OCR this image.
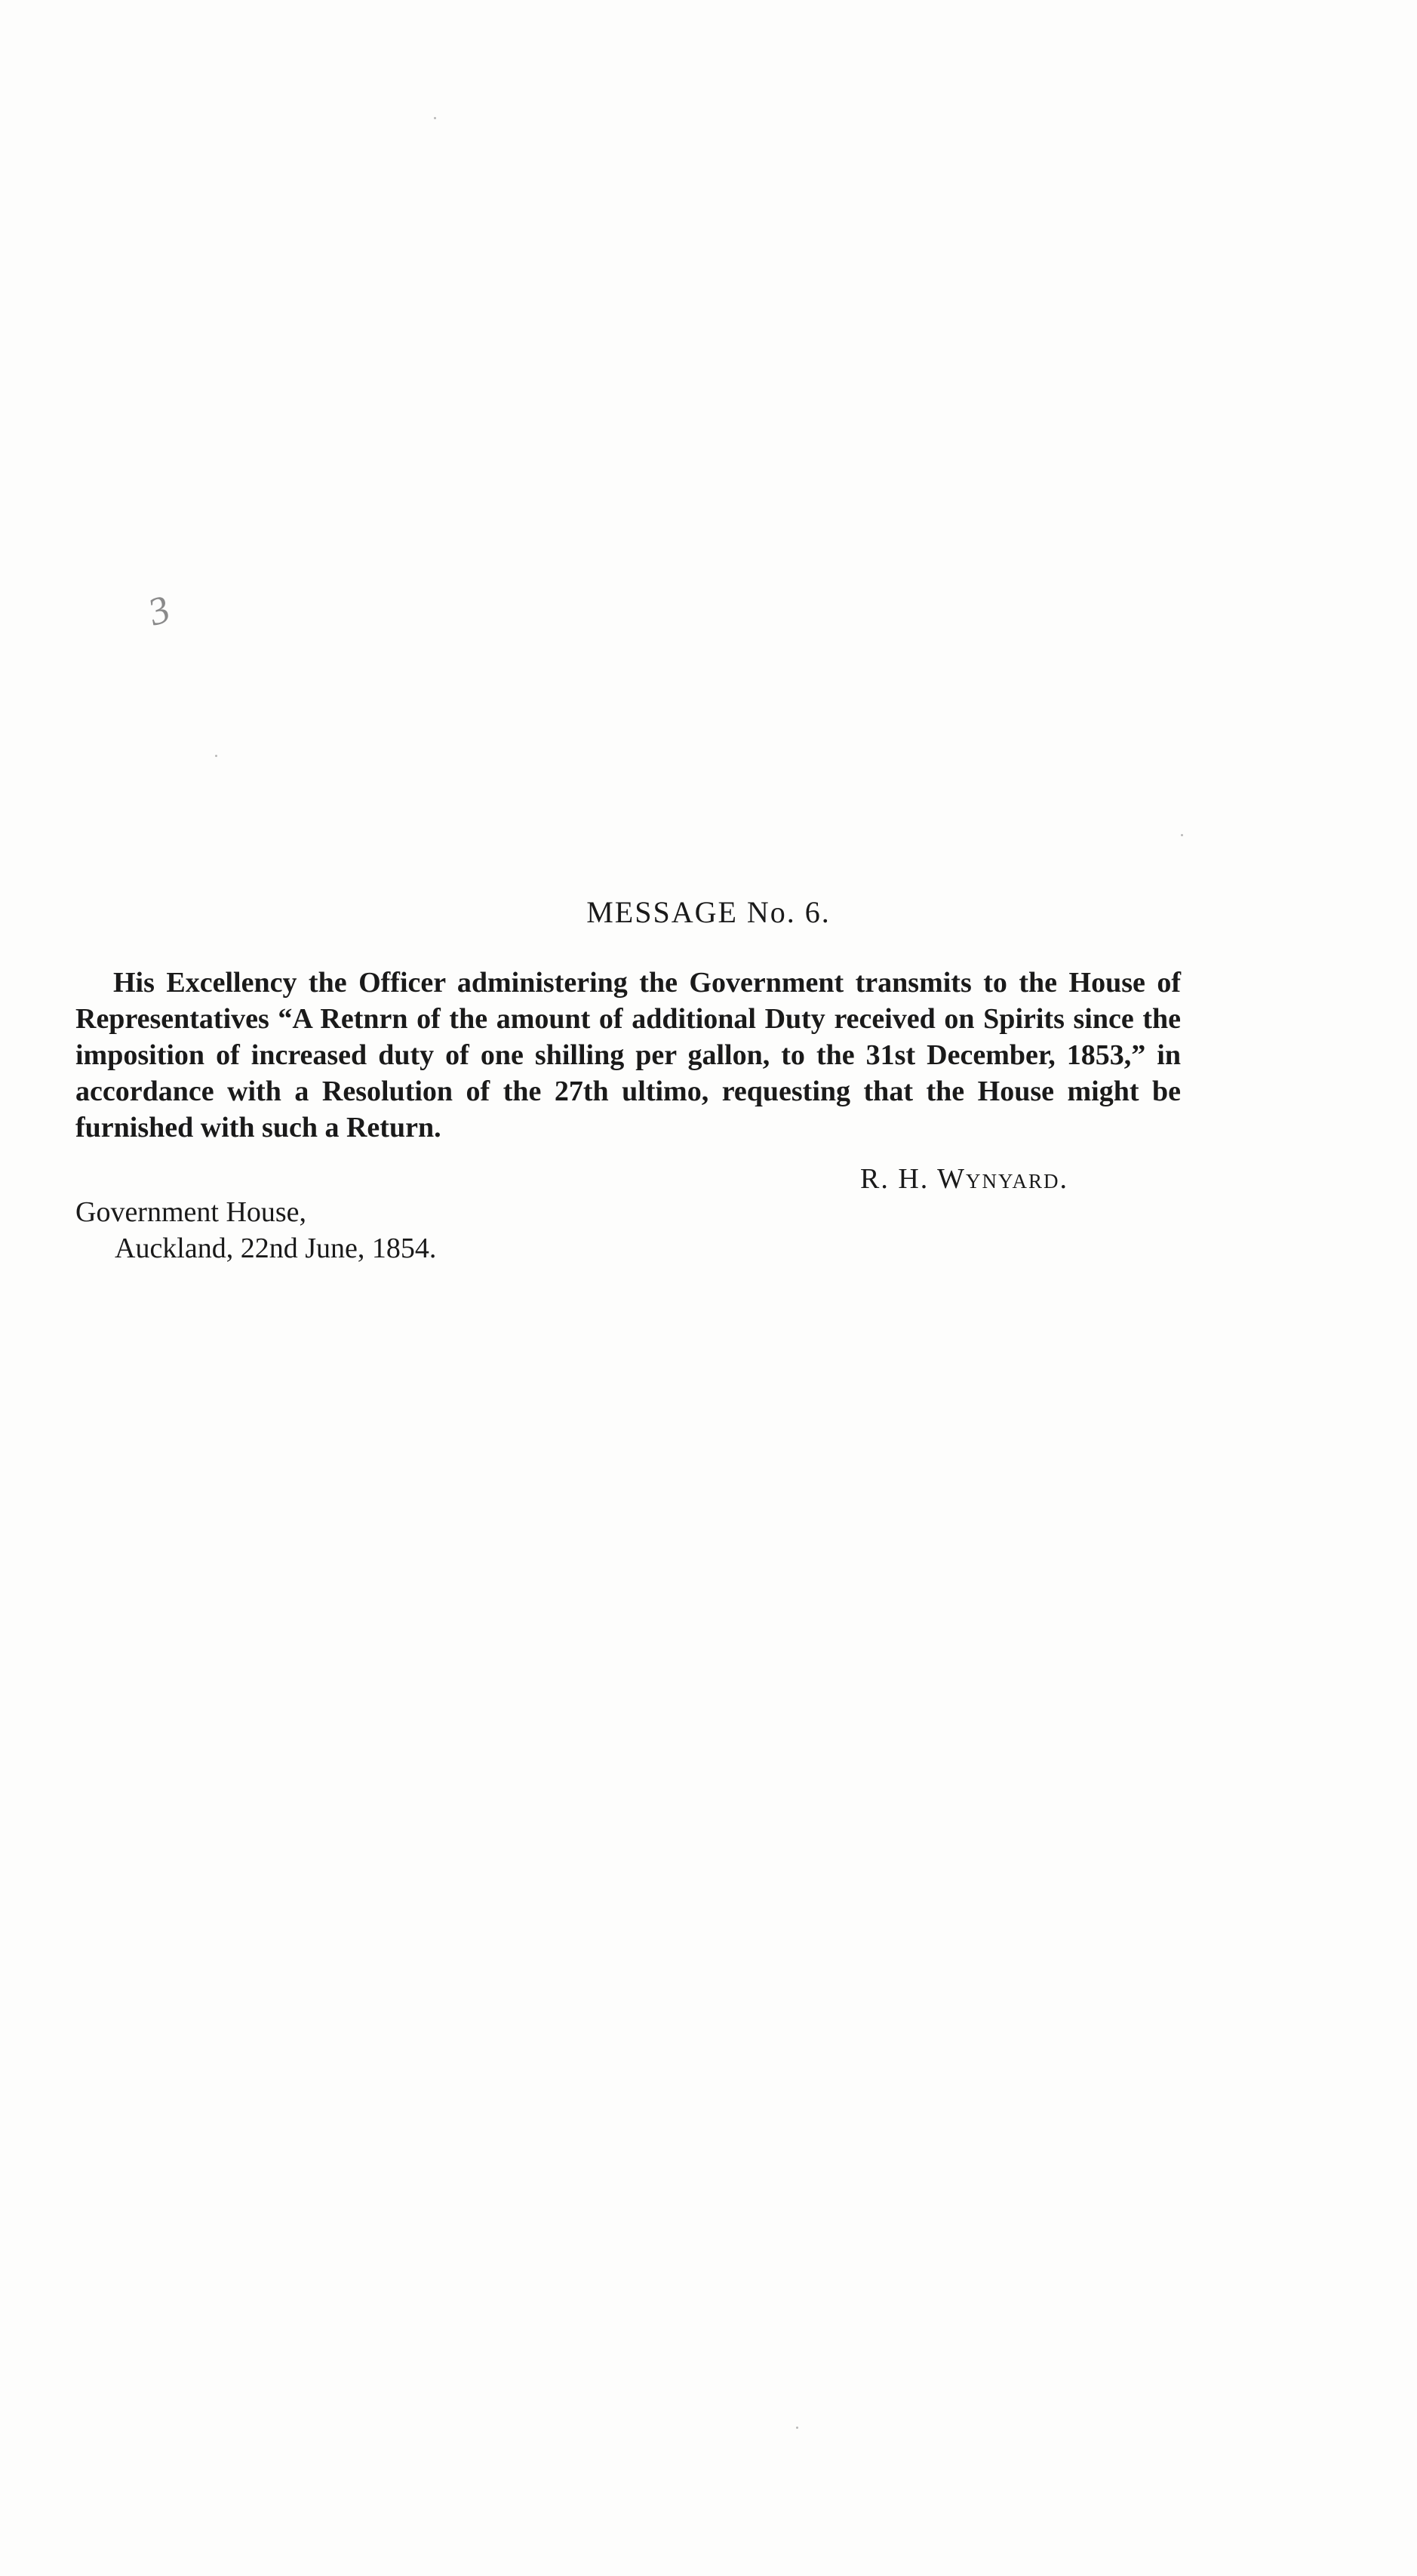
3
MESSAGE No. 6.

His Excellency the Officer administering the Government transmits to the House of Representatives “A Retnrn of the amount of additional Duty received on Spirits since the imposition of increased duty of one shilling per gallon, to the 31st December, 1853,” in accordance with a Resolution of the 27th ultimo, requesting that the House might be furnished with such a Return.

R. H. Wynyard.

Government House,
Auckland, 22nd June, 1854.
